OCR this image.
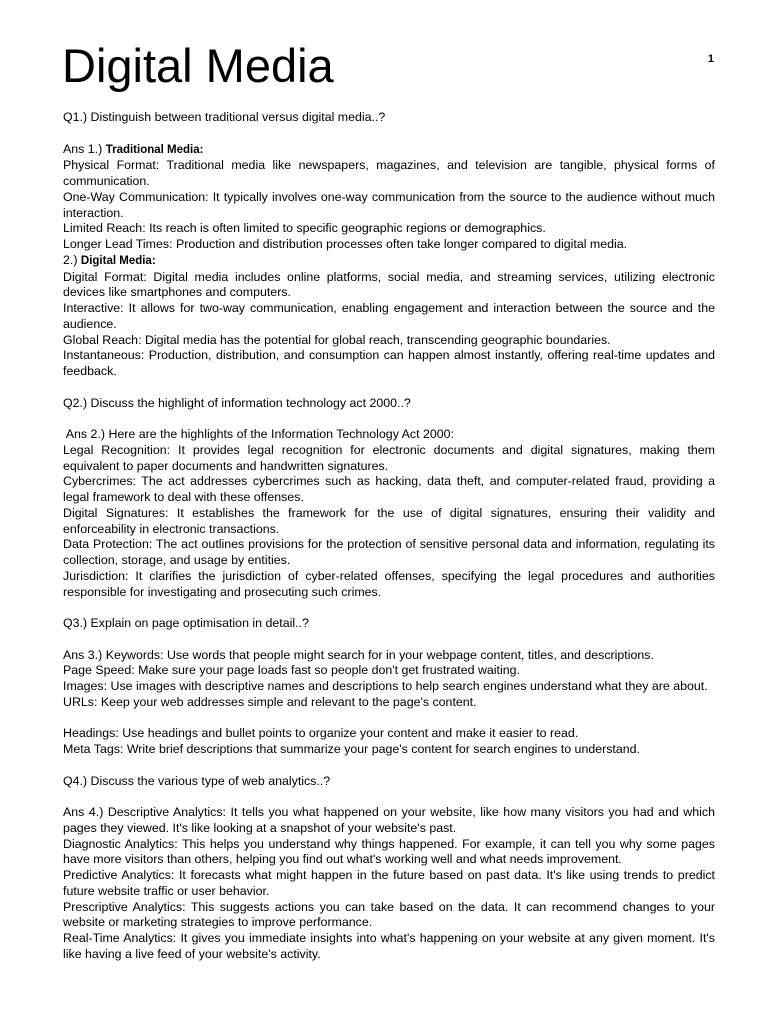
Digital Media	1

Q1.) Distinguish between traditional versus digital media..?

Ans 1.) Traditional Media:

Physical Format: Traditional media like newspapers, magazines, and television are tangible, physical forms of communication.

One-Way Communication: It typically involves one-way communication from the source to the audience without much interaction.

Limited Reach: Its reach is often limited to specific geographic regions or demographics.

Longer Lead Times: Production and distribution processes often take longer compared to digital media.

2.) Digital Media:

Digital Format: Digital media includes online platforms, social media, and streaming services, utilizing electronic devices like smartphones and computers.

Interactive: It allows for two-way communication, enabling engagement and interaction between the source and the audience.

Global Reach: Digital media has the potential for global reach, transcending geographic boundaries.

Instantaneous: Production, distribution, and consumption can happen almost instantly, offering real-time updates and feedback.

Q2.) Discuss the highlight of information technology act 2000..?

Ans 2.) Here are the highlights of the Information Technology Act 2000:

Legal Recognition: It provides legal recognition for electronic documents and digital signatures, making them equivalent to paper documents and handwritten signatures.

Cybercrimes: The act addresses cybercrimes such as hacking, data theft, and computer-related fraud, providing a legal framework to deal with these offenses.

Digital Signatures: It establishes the framework for the use of digital signatures, ensuring their validity and enforceability in electronic transactions.

Data Protection: The act outlines provisions for the protection of sensitive personal data and information, regulating its collection, storage, and usage by entities.

Jurisdiction: It clarifies the jurisdiction of cyber-related offenses, specifying the legal procedures and authorities responsible for investigating and prosecuting such crimes.

Q3.) Explain on page optimisation in detail..?

Ans 3.) Keywords: Use words that people might search for in your webpage content, titles, and descriptions.

Page Speed: Make sure your page loads fast so people don't get frustrated waiting.

Images: Use images with descriptive names and descriptions to help search engines understand what they are about.

URLs: Keep your web addresses simple and relevant to the page's content.

Headings: Use headings and bullet points to organize your content and make it easier to read.

Meta Tags: Write brief descriptions that summarize your page's content for search engines to understand.

Q4.) Discuss the various type of web analytics..?

Ans 4.) Descriptive Analytics: It tells you what happened on your website, like how many visitors you had and which pages they viewed. It's like looking at a snapshot of your website's past.

Diagnostic Analytics: This helps you understand why things happened. For example, it can tell you why some pages have more visitors than others, helping you find out what's working well and what needs improvement.

Predictive Analytics: It forecasts what might happen in the future based on past data. It's like using trends to predict future website traffic or user behavior.

Prescriptive Analytics: This suggests actions you can take based on the data. It can recommend changes to your website or marketing strategies to improve performance.

Real-Time Analytics: It gives you immediate insights into what's happening on your website at any given moment. It's like having a live feed of your website's activity.
